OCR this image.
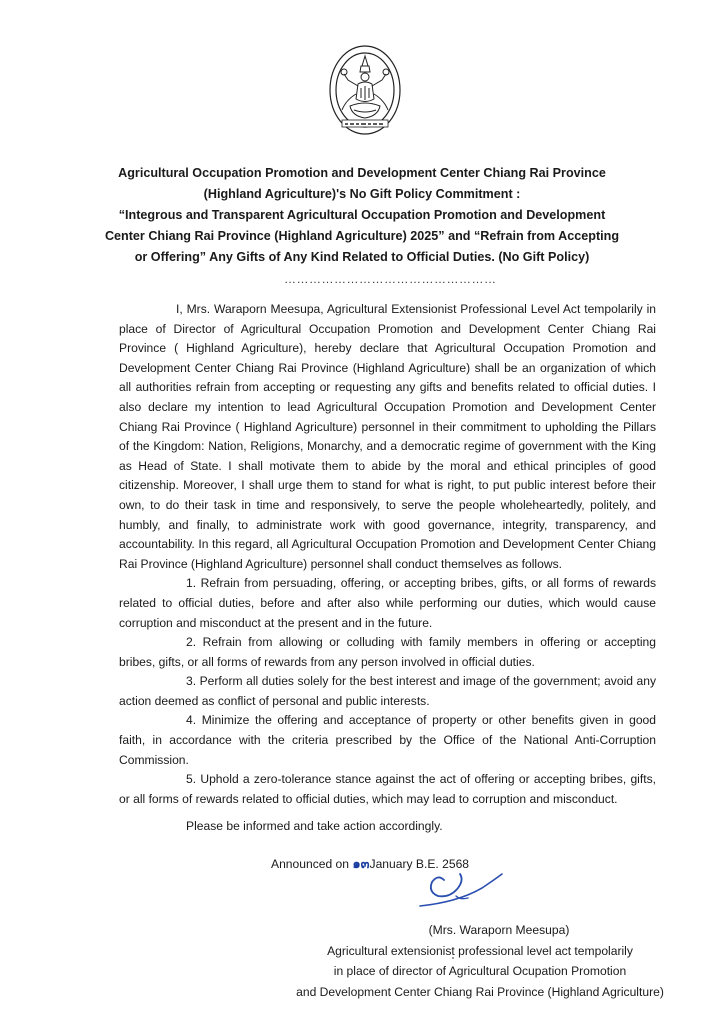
Agricultural Occupation Promotion and Development Center Chiang Rai Province
(Highland Agriculture)'s No Gift Policy Commitment :
“Integrous and Transparent Agricultural Occupation Promotion and Development
Center Chiang Rai Province (Highland Agriculture) 2025” and “Refrain from Accepting
or Offering” Any Gifts of Any Kind Related to Official Duties. (No Gift Policy)
……………………………………………

I, Mrs. Waraporn Meesupa, Agricultural Extensionist Professional Level Act tempolarily in place of Director of Agricultural Occupation Promotion and Development Center Chiang Rai Province ( Highland Agriculture), hereby declare that Agricultural Occupation Promotion and Development Center Chiang Rai Province (Highland Agriculture) shall be an organization of which all authorities refrain from accepting or requesting any gifts and benefits related to official duties. I also declare my intention to lead Agricultural Occupation Promotion and Development Center Chiang Rai Province ( Highland Agriculture) personnel in their commitment to upholding the Pillars of the Kingdom: Nation, Religions, Monarchy, and a democratic regime of government with the King as Head of State. I shall motivate them to abide by the moral and ethical principles of good citizenship. Moreover, I shall urge them to stand for what is right, to put public interest before their own, to do their task in time and responsively, to serve the people wholeheartedly, politely, and humbly, and finally, to administrate work with good governance, integrity, transparency, and accountability. In this regard, all Agricultural Occupation Promotion and Development Center Chiang Rai Province (Highland Agriculture) personnel shall conduct themselves as follows.

1. Refrain from persuading, offering, or accepting bribes, gifts, or all forms of rewards related to official duties, before and after also while performing our duties, which would cause corruption and misconduct at the present and in the future.

2. Refrain from allowing or colluding with family members in offering or accepting bribes, gifts, or all forms of rewards from any person involved in official duties.

3. Perform all duties solely for the best interest and image of the government; avoid any action deemed as conflict of personal and public interests.

4. Minimize the offering and acceptance of property or other benefits given in good faith, in accordance with the criteria prescribed by the Office of the National Anti-Corruption Commission.

5. Uphold a zero-tolerance stance against the act of offering or accepting bribes, gifts, or all forms of rewards related to official duties, which may lead to corruption and misconduct.

Please be informed and take action accordingly.
Announced on ๑๓January B.E. 2568
(Mrs. Waraporn Meesupa)
Agricultural extensionist professional level act tempolarily
in place of director of Agricultural Ocupation Promotion
and Development Center Chiang Rai Province (Highland Agriculture)
